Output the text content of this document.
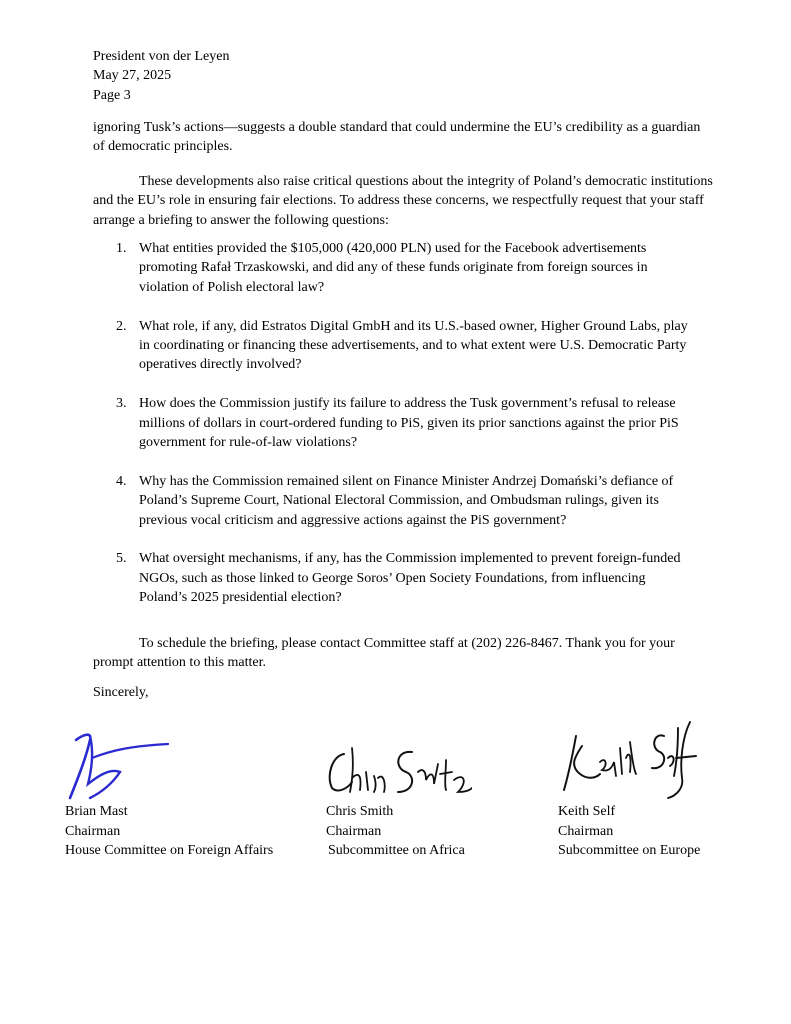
President von der Leyen
May 27, 2025
Page 3
ignoring Tusk’s actions—suggests a double standard that could undermine the EU’s credibility as a guardian of democratic principles.
These developments also raise critical questions about the integrity of Poland’s democratic institutions and the EU’s role in ensuring fair elections. To address these concerns, we respectfully request that your staff arrange a briefing to answer the following questions:
1. What entities provided the $105,000 (420,000 PLN) used for the Facebook advertisements promoting Rafał Trzaskowski, and did any of these funds originate from foreign sources in violation of Polish electoral law?
2. What role, if any, did Estratos Digital GmbH and its U.S.-based owner, Higher Ground Labs, play in coordinating or financing these advertisements, and to what extent were U.S. Democratic Party operatives directly involved?
3. How does the Commission justify its failure to address the Tusk government’s refusal to release millions of dollars in court-ordered funding to PiS, given its prior sanctions against the prior PiS government for rule-of-law violations?
4. Why has the Commission remained silent on Finance Minister Andrzej Domański’s defiance of Poland’s Supreme Court, National Electoral Commission, and Ombudsman rulings, given its previous vocal criticism and aggressive actions against the PiS government?
5. What oversight mechanisms, if any, has the Commission implemented to prevent foreign-funded NGOs, such as those linked to George Soros’ Open Society Foundations, from influencing Poland’s 2025 presidential election?
To schedule the briefing, please contact Committee staff at (202) 226-8467. Thank you for your prompt attention to this matter.
Sincerely,
Brian Mast
Chairman
House Committee on Foreign Affairs
Chris Smith
Chairman
Subcommittee on Africa
Keith Self
Chairman
Subcommittee on Europe
